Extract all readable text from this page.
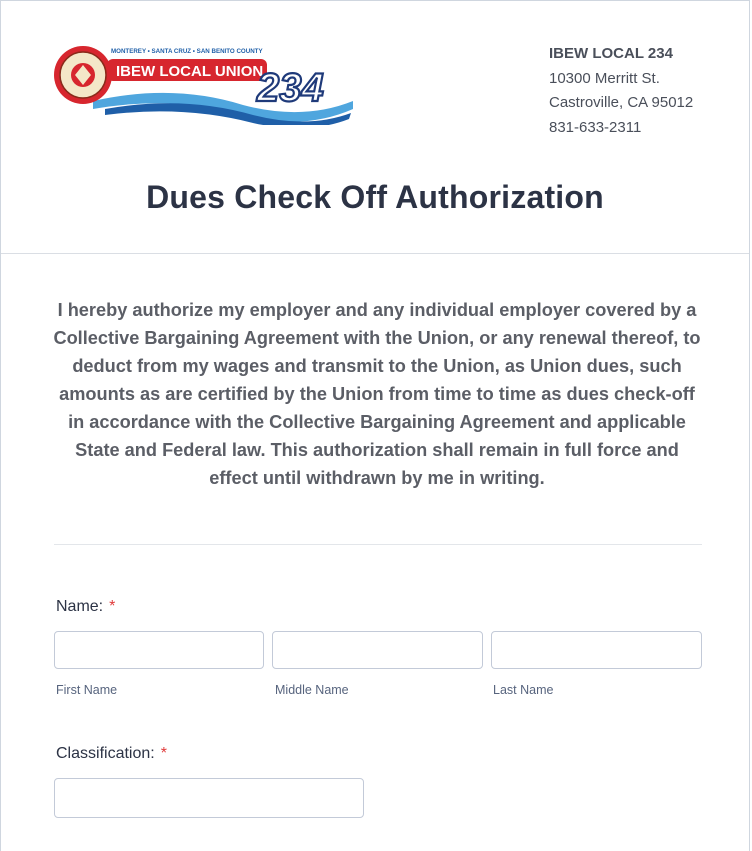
MONTEREY • SANTA CRUZ • SAN BENITO COUNTY
IBEW LOCAL UNION
234
IBEW LOCAL 234
10300 Merritt St.
Castroville, CA 95012
831-633-2311
Dues Check Off Authorization
I hereby authorize my employer and any individual employer covered by a Collective Bargaining Agreement with the Union, or any renewal thereof, to deduct from my wages and transmit to the Union, as Union dues, such amounts as are certified by the Union from time to time as dues check-off in accordance with the Collective Bargaining Agreement and applicable State and Federal law. This authorization shall remain in full force and effect until withdrawn by me in writing.
Name: *
First Name	Middle Name	Last Name
Classification: *
